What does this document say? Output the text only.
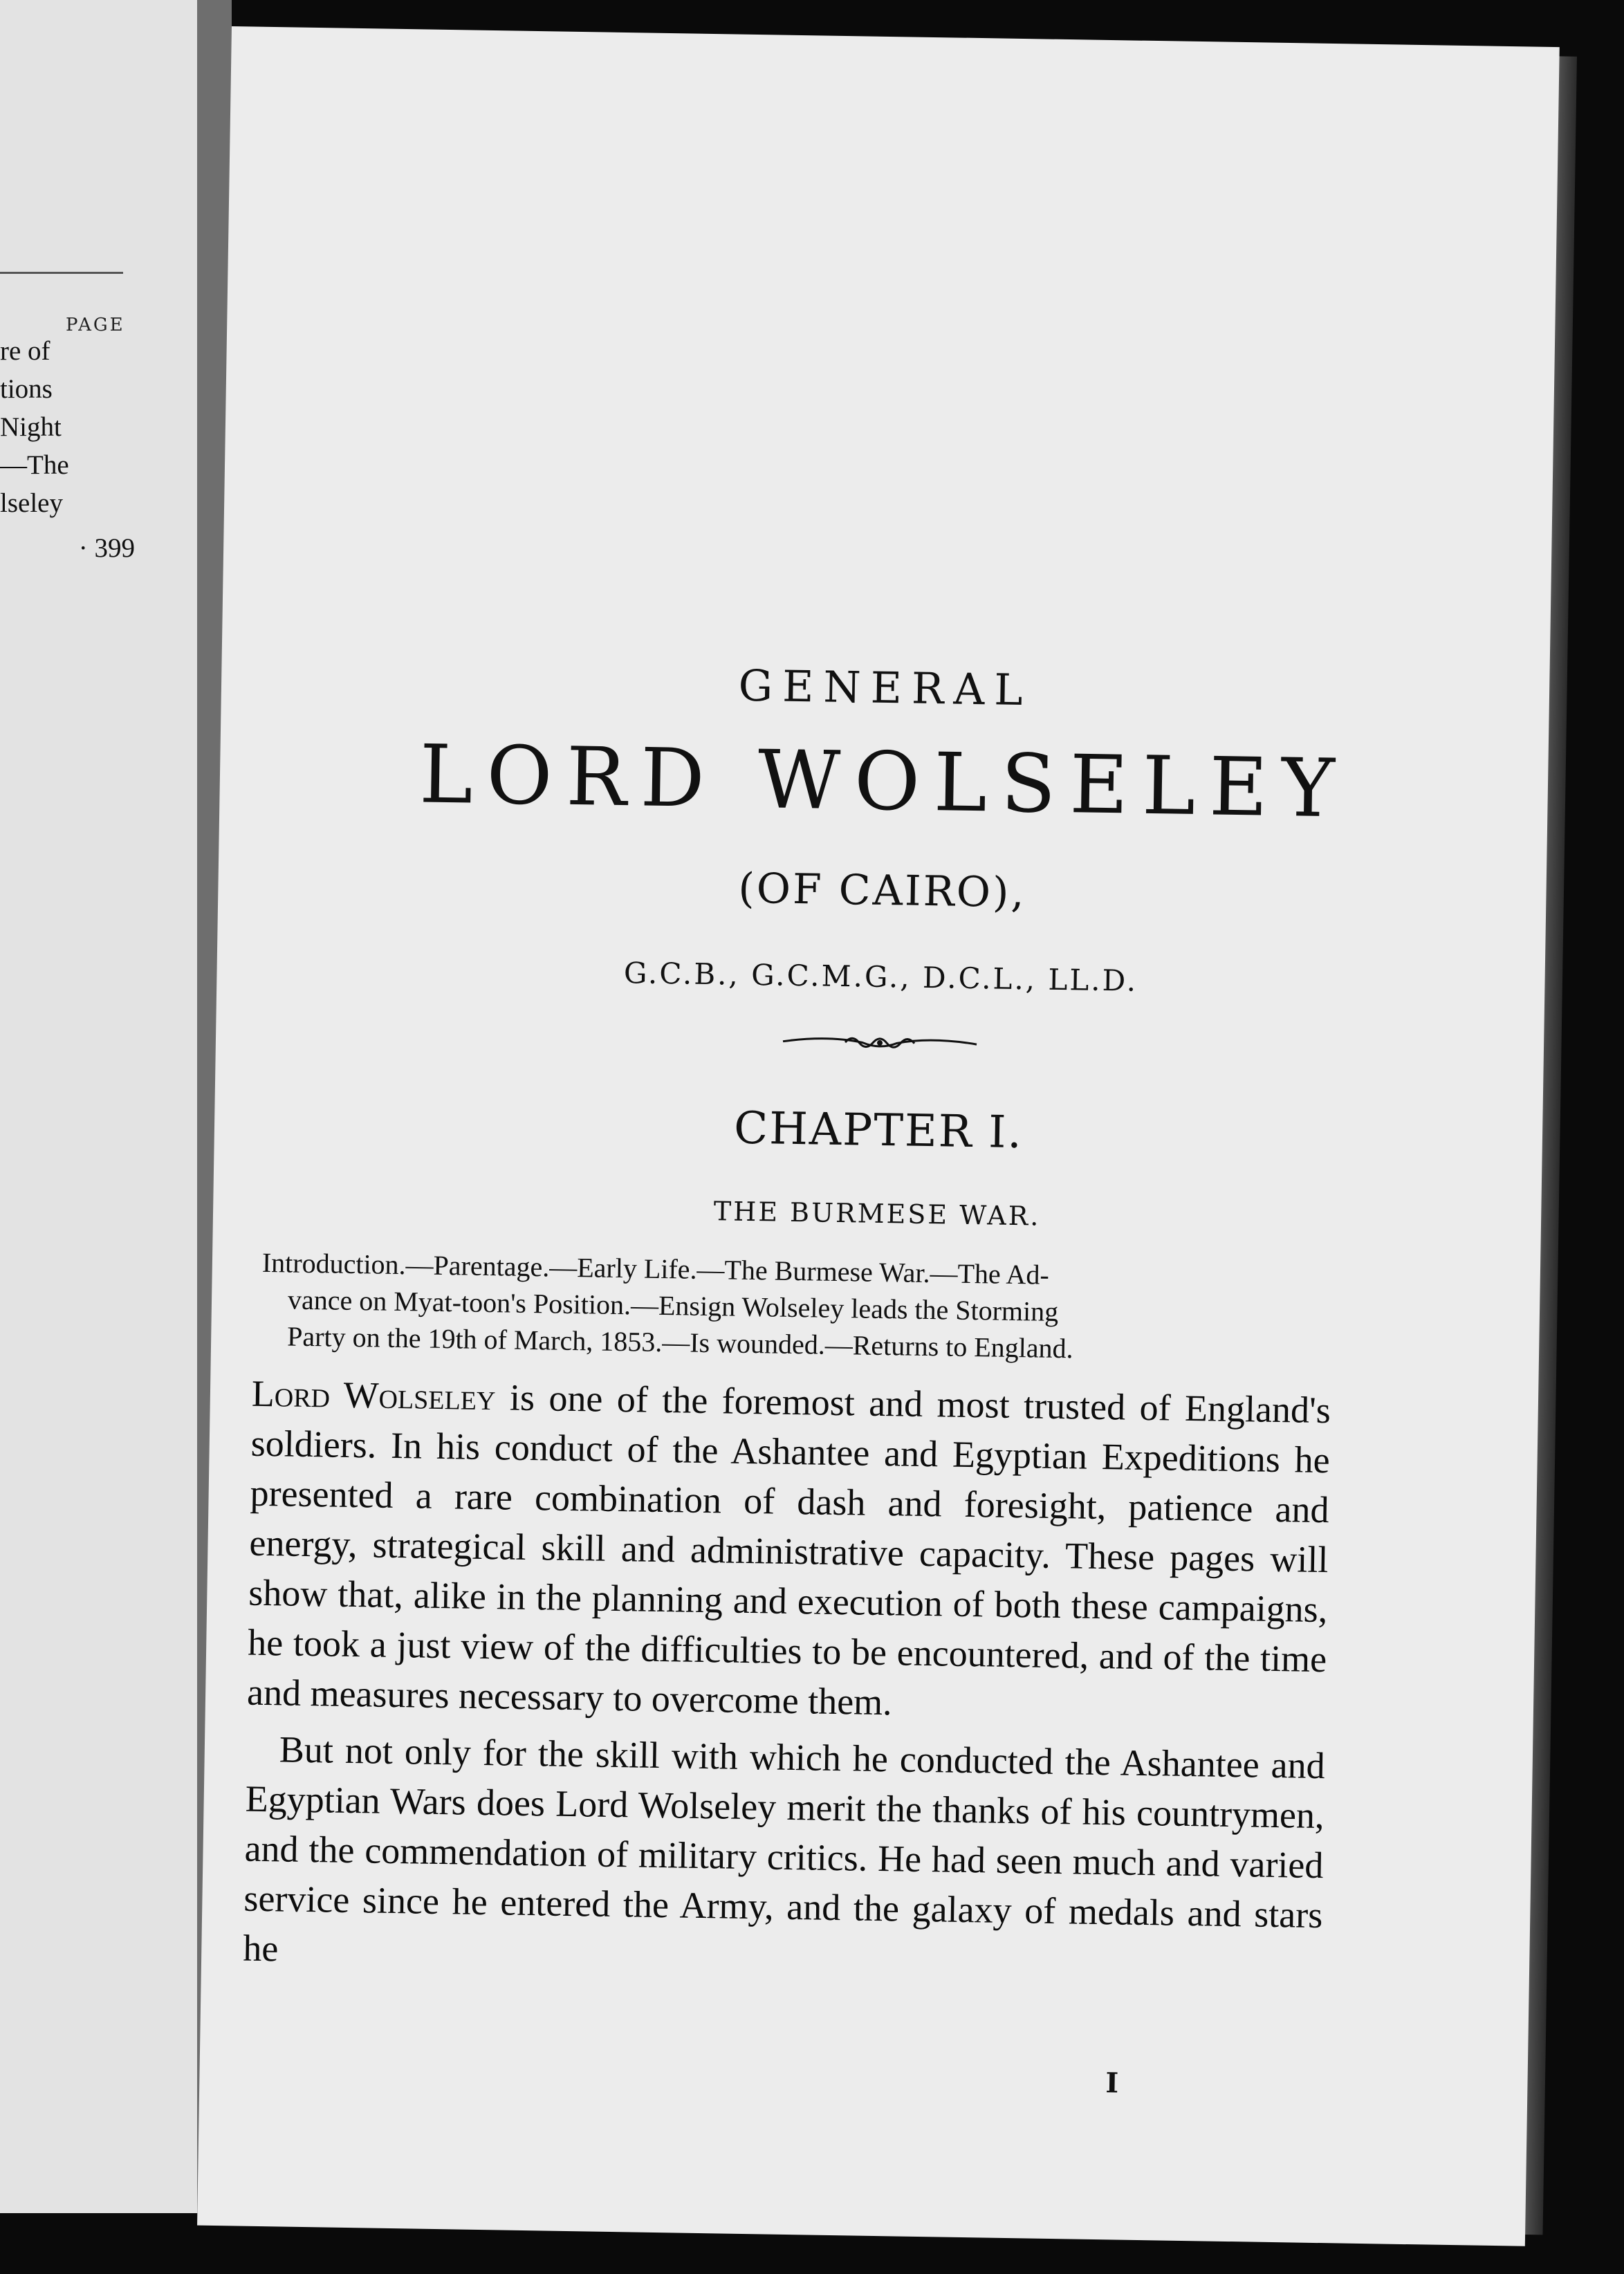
PAGE
re of
tions
Night
—The
lseley
· 399
GENERAL
LORD WOLSELEY
(OF CAIRO),
G.C.B., G.C.M.G., D.C.L., LL.D.
CHAPTER I.
THE BURMESE WAR.
Introduction.—Parentage.—Early Life.—The Burmese War.—The Ad-
vance on Myat-toon's Position.—Ensign Wolseley leads the Storming
Party on the 19th of March, 1853.—Is wounded.—Returns to England.

Lord Wolseley is one of the foremost and most trusted of England's soldiers. In his conduct of the Ashantee and Egyptian Expeditions he presented a rare combination of dash and foresight, patience and energy, strategical skill and administrative capacity. These pages will show that, alike in the planning and execution of both these campaigns, he took a just view of the difficulties to be encountered, and of the time and measures necessary to overcome them.

But not only for the skill with which he conducted the Ashantee and Egyptian Wars does Lord Wolseley merit the thanks of his countrymen, and the commendation of military critics. He had seen much and varied service since he entered the Army, and the galaxy of medals and stars he

I
